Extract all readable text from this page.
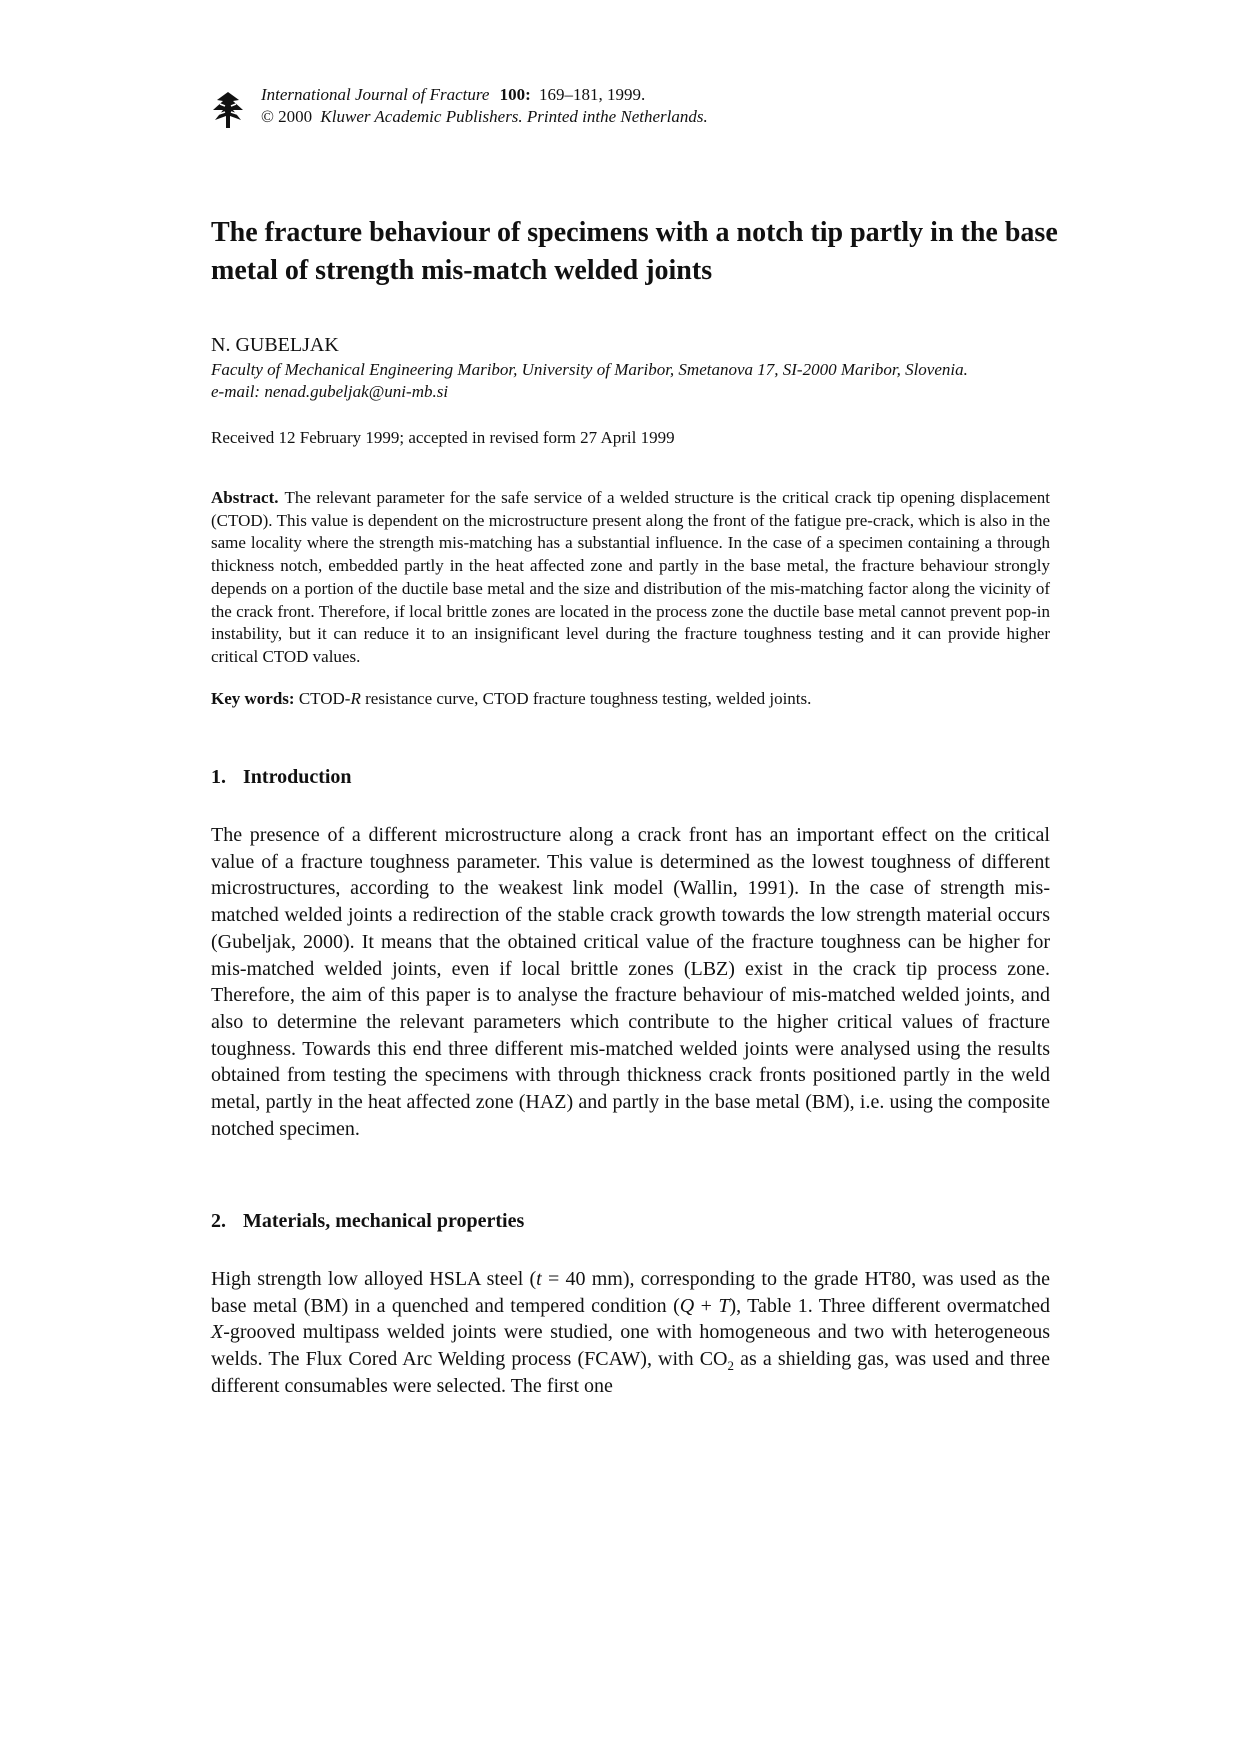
International Journal of Fracture 100: 169–181, 1999.
© 2000 Kluwer Academic Publishers. Printed inthe Netherlands.
The fracture behaviour of specimens with a notch tip partly in the base metal of strength mis-match welded joints
N. GUBELJAK
Faculty of Mechanical Engineering Maribor, University of Maribor, Smetanova 17, SI-2000 Maribor, Slovenia.
e-mail: nenad.gubeljak@uni-mb.si
Received 12 February 1999; accepted in revised form 27 April 1999

Abstract. The relevant parameter for the safe service of a welded structure is the critical crack tip opening displacement (CTOD). This value is dependent on the microstructure present along the front of the fatigue pre-crack, which is also in the same locality where the strength mis-matching has a substantial influence. In the case of a specimen containing a through thickness notch, embedded partly in the heat affected zone and partly in the base metal, the fracture behaviour strongly depends on a portion of the ductile base metal and the size and distribution of the mis-matching factor along the vicinity of the crack front. Therefore, if local brittle zones are located in the process zone the ductile base metal cannot prevent pop-in instability, but it can reduce it to an insignificant level during the fracture toughness testing and it can provide higher critical CTOD values.

Key words: CTOD-R resistance curve, CTOD fracture toughness testing, welded joints.
1. Introduction

The presence of a different microstructure along a crack front has an important effect on the critical value of a fracture toughness parameter. This value is determined as the lowest toughness of different microstructures, according to the weakest link model (Wallin, 1991). In the case of strength mis-matched welded joints a redirection of the stable crack growth towards the low strength material occurs (Gubeljak, 2000). It means that the obtained critical value of the fracture toughness can be higher for mis-matched welded joints, even if local brittle zones (LBZ) exist in the crack tip process zone. Therefore, the aim of this paper is to analyse the fracture behaviour of mis-matched welded joints, and also to determine the relevant parameters which contribute to the higher critical values of fracture toughness. Towards this end three different mis-matched welded joints were analysed using the results obtained from testing the specimens with through thickness crack fronts positioned partly in the weld metal, partly in the heat affected zone (HAZ) and partly in the base metal (BM), i.e. using the composite notched specimen.

2. Materials, mechanical properties

High strength low alloyed HSLA steel (t = 40 mm), corresponding to the grade HT80, was used as the base metal (BM) in a quenched and tempered condition (Q + T), Table 1. Three different overmatched X-grooved multipass welded joints were studied, one with homogeneous and two with heterogeneous welds. The Flux Cored Arc Welding process (FCAW), with $CO_2$ as a shielding gas, was used and three different consumables were selected. The first one
